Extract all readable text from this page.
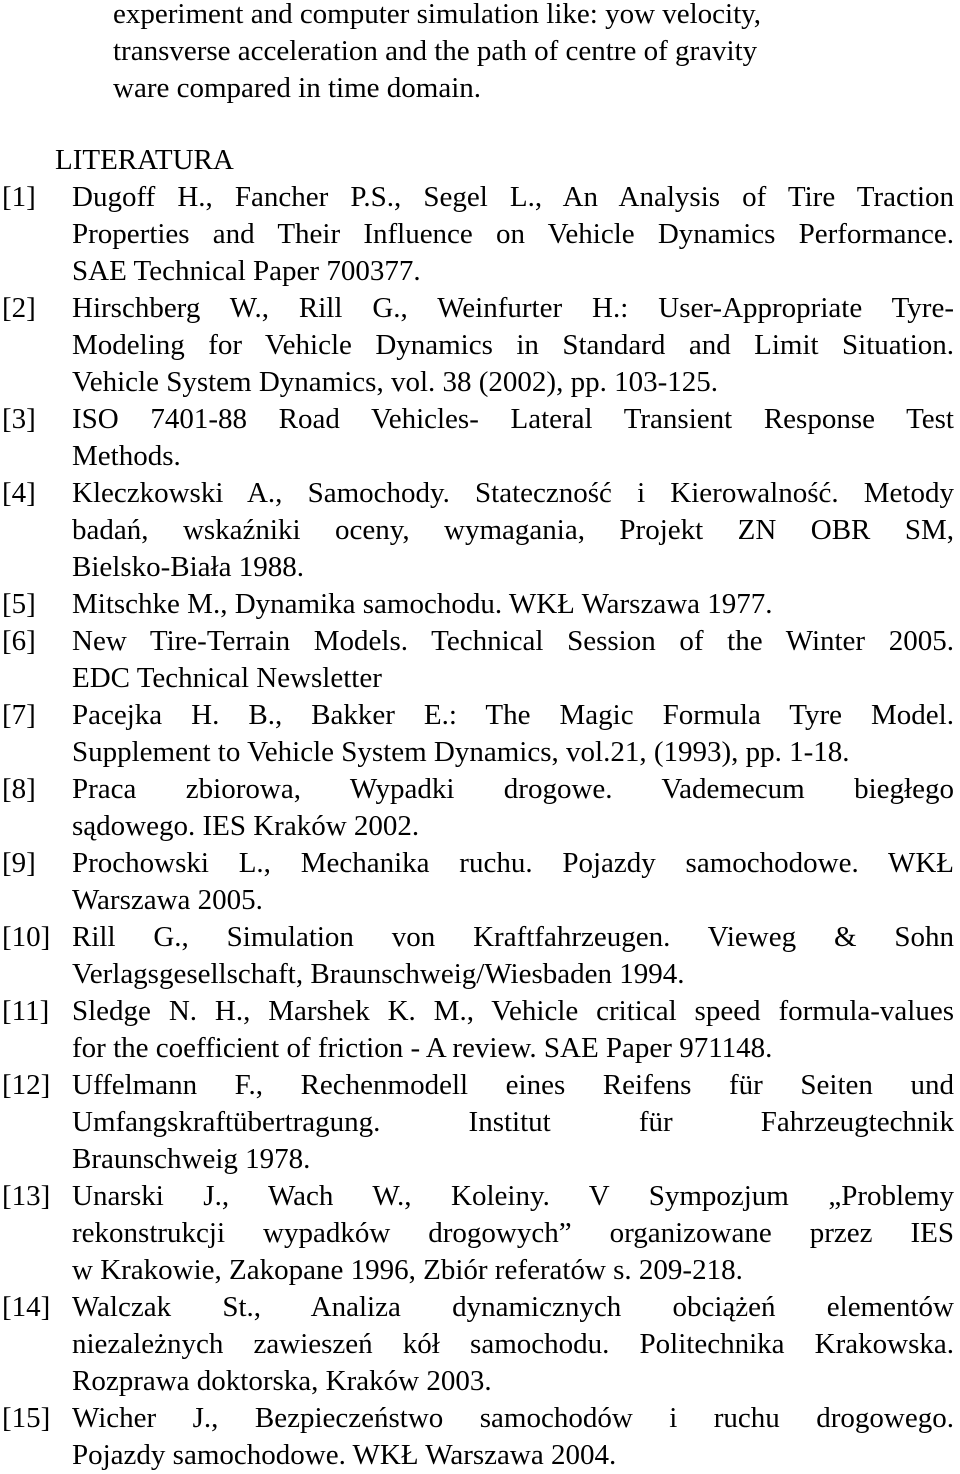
experiment and computer simulation like: yow velocity,
transverse acceleration and the path of centre of gravity
ware compared in time domain.
LITERATURA
[1] Dugoff H., Fancher P.S., Segel L., An Analysis of Tire Traction
Properties and Their Influence on Vehicle Dynamics Performance.
SAE Technical Paper 700377.
[2] Hirschberg W., Rill G., Weinfurter H.: User-Appropriate Tyre-
Modeling for Vehicle Dynamics in Standard and Limit Situation.
Vehicle System Dynamics, vol. 38 (2002), pp. 103-125.
[3] ISO 7401-88 Road Vehicles- Lateral Transient Response Test
Methods.
[4] Kleczkowski A., Samochody. Stateczność i Kierowalność. Metody
badań, wskaźniki oceny, wymagania, Projekt ZN OBR SM,
Bielsko-Biała 1988.
[5] Mitschke M., Dynamika samochodu. WKŁ Warszawa 1977.
[6] New Tire-Terrain Models. Technical Session of the Winter 2005.
EDC Technical Newsletter
[7] Pacejka H. B., Bakker E.: The Magic Formula Tyre Model.
Supplement to Vehicle System Dynamics, vol.21, (1993), pp. 1-18.
[8] Praca zbiorowa, Wypadki drogowe. Vademecum biegłego
sądowego. IES Kraków 2002.
[9] Prochowski L., Mechanika ruchu. Pojazdy samochodowe. WKŁ
Warszawa 2005.
[10] Rill G., Simulation von Kraftfahrzeugen. Vieweg & Sohn
Verlagsgesellschaft, Braunschweig/Wiesbaden 1994.
[11] Sledge N. H., Marshek K. M., Vehicle critical speed formula-values
for the coefficient of friction - A review. SAE Paper 971148.
[12] Uffelmann F., Rechenmodell eines Reifens für Seiten und
Umfangskraftübertragung. Institut für Fahrzeugtechnik
Braunschweig 1978.
[13] Unarski J., Wach W., Koleiny. V Sympozjum „Problemy
rekonstrukcji wypadków drogowych” organizowane przez IES
w Krakowie, Zakopane 1996, Zbiór referatów s. 209-218.
[14] Walczak St., Analiza dynamicznych obciążeń elementów
niezależnych zawieszeń kół samochodu. Politechnika Krakowska.
Rozprawa doktorska, Kraków 2003.
[15] Wicher J., Bezpieczeństwo samochodów i ruchu drogowego.
Pojazdy samochodowe. WKŁ Warszawa 2004.
